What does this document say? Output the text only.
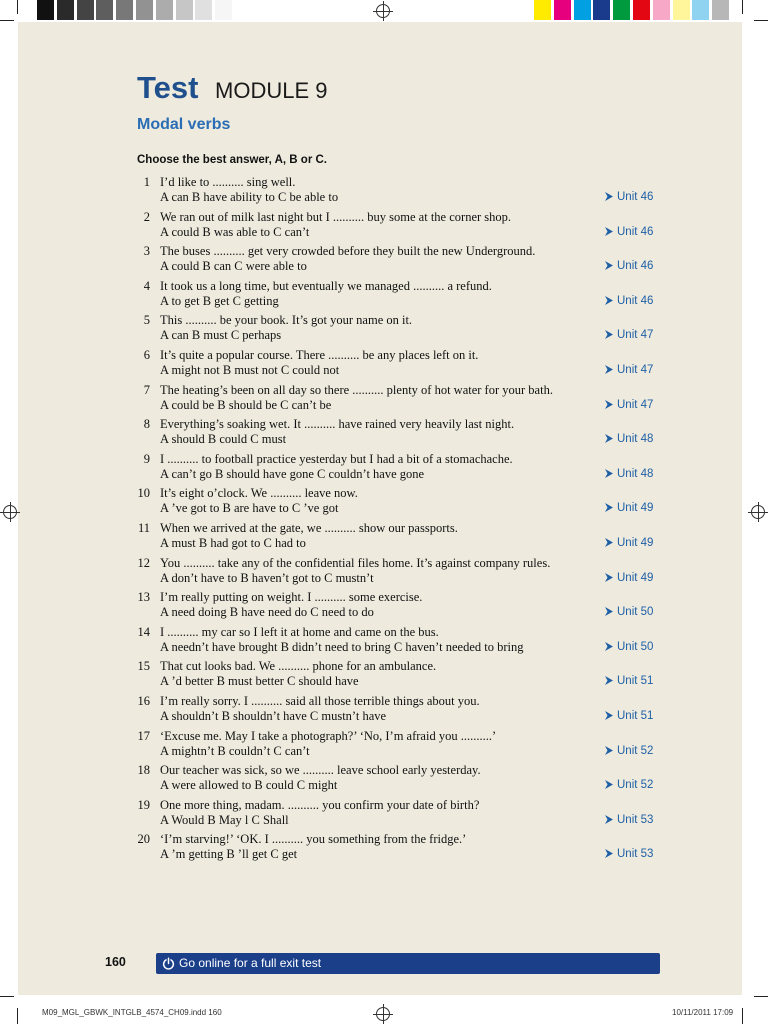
Test MODULE 9
Modal verbs
Choose the best answer, A, B or C.
1 I’d like to .......... sing well.
A can B have ability to C be able to	Unit 46
2 We ran out of milk last night but I .......... buy some at the corner shop.
A could B was able to C can’t	Unit 46
3 The buses .......... get very crowded before they built the new Underground.
A could B can C were able to	Unit 46
4 It took us a long time, but eventually we managed .......... a refund.
A to get B get C getting	Unit 46
5 This .......... be your book. It’s got your name on it.
A can B must C perhaps	Unit 47
6 It’s quite a popular course. There .......... be any places left on it.
A might not B must not C could not	Unit 47
7 The heating’s been on all day so there .......... plenty of hot water for your bath.
A could be B should be C can’t be	Unit 47
8 Everything’s soaking wet. It .......... have rained very heavily last night.
A should B could C must	Unit 48
9 I .......... to football practice yesterday but I had a bit of a stomachache.
A can’t go B should have gone C couldn’t have gone	Unit 48
10 It’s eight o’clock. We .......... leave now.
A ’ve got to B are have to C ’ve got	Unit 49
11 When we arrived at the gate, we .......... show our passports.
A must B had got to C had to	Unit 49
12 You .......... take any of the confidential files home. It’s against company rules.
A don’t have to B haven’t got to C mustn’t	Unit 49
13 I’m really putting on weight. I .......... some exercise.
A need doing B have need do C need to do	Unit 50
14 I .......... my car so I left it at home and came on the bus.
A needn’t have brought B didn’t need to bring C haven’t needed to bring	Unit 50
15 That cut looks bad. We .......... phone for an ambulance.
A ’d better B must better C should have	Unit 51
16 I’m really sorry. I .......... said all those terrible things about you.
A shouldn’t B shouldn’t have C mustn’t have	Unit 51
17 ‘Excuse me. May I take a photograph?’ ‘No, I’m afraid you ..........’
A mightn’t B couldn’t C can’t	Unit 52
18 Our teacher was sick, so we .......... leave school early yesterday.
A were allowed to B could C might	Unit 52
19 One more thing, madam. .......... you confirm your date of birth?
A Would B May l C Shall	Unit 53
20 ‘I’m starving!’ ‘OK. I .......... you something from the fridge.’
A ’m getting B ’ll get C get	Unit 53
160	Go online for a full exit test
M09_MGL_GBWK_INTGLB_4574_CH09.indd 160	10/11/2011 17:09
